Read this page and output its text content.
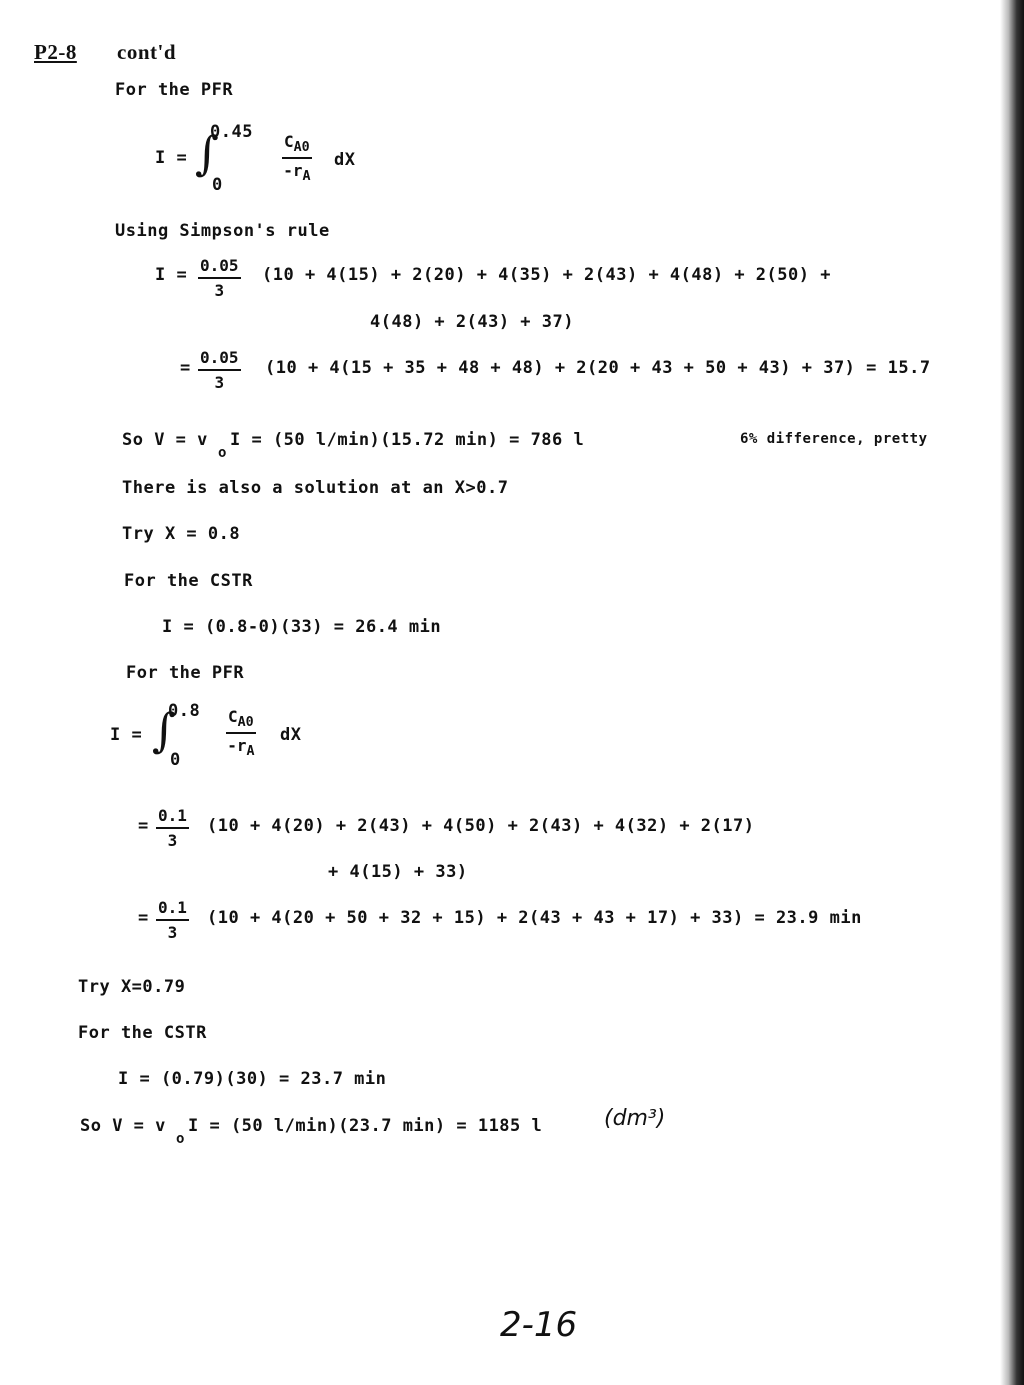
P2-8 cont'd
For the PFR
I = ∫
0.45
0
$\frac{C_{A0}}{-r_A}$ dX
Using Simpson's rule
$I = \frac{0.05}{3} (10 + 4(15) + 2(20) + 4(35) + 2(43) + 4(48) + 2(50)$ +
4(48) + 2(43) + 37)
= $\frac{0.05}{3} (10 + 4(15 + 35 + 48 + 48) + 2(20 + 43 + 50 + 43) + 37) = 15.7$
So V = v
o
I = (50 l/min)(15.72 min) = 786 l	6% difference, pretty
There is also a solution at an X>0.7
Try X = 0.8
For the CSTR
I = (0.8-0)(33) = 26.4 min
For the PFR
I = ∫
0.8
0
$\frac{C_{A0}}{-r_A}$ dX
= $\frac{0.1}{3} (10 + 4(20) + 2(43) + 4(50) + 2(43) + 4(32) + 2(17)$
+ 4(15) + 33)
= $\frac{0.1}{3} (10 + 4(20 + 50 + 32 + 15) + 2(43 + 43 + 17) + 33) = 23.9$ min
Try X=0.79
For the CSTR
I = (0.79)(30) = 23.7 min
So V = v
o
I = (50 l/min)(23.7 min) = 1185 l	(dm³)
2-16
